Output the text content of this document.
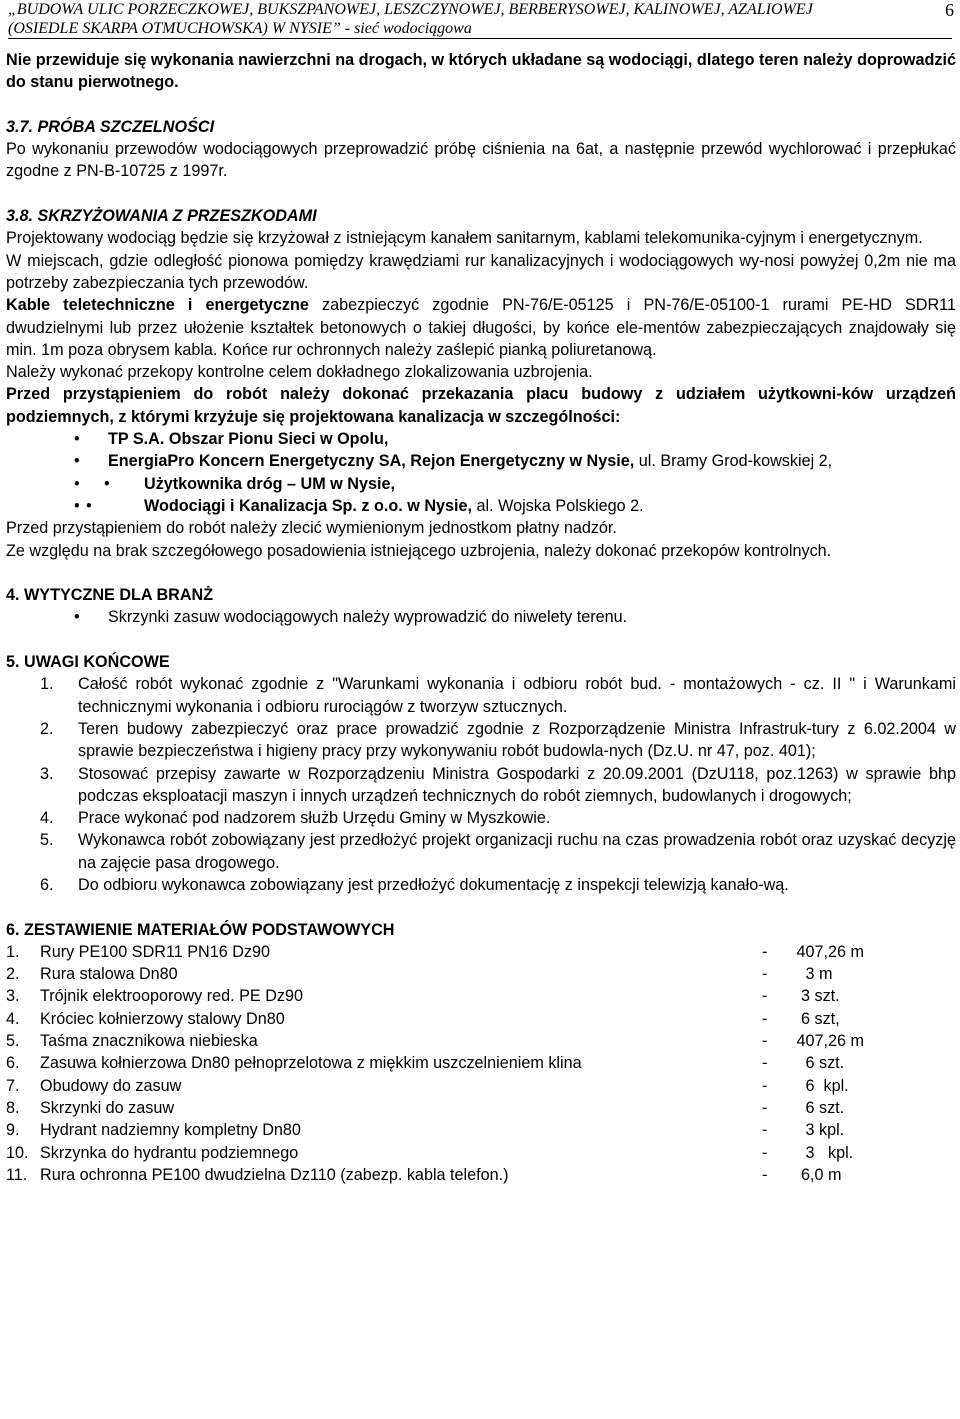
„BUDOWA ULIC PORZECZKOWEJ, BUKSZPANOWEJ, LESZCZYNOWEJ, BERBERYSOWEJ, KALINOWEJ, AZALIOWEJ
(OSIEDLE SKARPA OTMUCHOWSKA) W NYSIE” - sieć wodociągowa
6

Nie przewiduje się wykonania nawierzchni na drogach, w których układane są wodociągi, dlatego teren należy doprowadzić do stanu pierwotnego.

3.7. PRÓBA SZCZELNOŚCI

Po wykonaniu przewodów wodociągowych przeprowadzić próbę ciśnienia na 6at, a następnie przewód wychlorować i przepłukać zgodne z PN-B-10725 z 1997r.

3.8. SKRZYŻOWANIA Z PRZESZKODAMI

Projektowany wodociąg będzie się krzyżował z istniejącym kanałem sanitarnym, kablami telekomunika-cyjnym i energetycznym.

W miejscach, gdzie odległość pionowa pomiędzy krawędziami rur kanalizacyjnych i wodociągowych wy-nosi powyżej 0,2m nie ma potrzeby zabezpieczania tych przewodów.

Kable teletechniczne i energetyczne zabezpieczyć zgodnie PN-76/E-05125 i PN-76/E-05100-1 rurami PE-HD SDR11 dwudzielnymi lub przez ułożenie kształtek betonowych o takiej długości, by końce ele-mentów zabezpieczających znajdowały się min. 1m poza obrysem kabla. Końce rur ochronnych należy zaślepić pianką poliuretanową.

Należy wykonać przekopy kontrolne celem dokładnego zlokalizowania uzbrojenia.

Przed przystąpieniem do robót należy dokonać przekazania placu budowy z udziałem użytkowni-ków urządzeń podziemnych, z którymi krzyżuje się projektowana kanalizacja w szczególności:

• TP S.A. Obszar Pionu Sieci w Opolu,
• EnergiaPro Koncern Energetyczny SA, Rejon Energetyczny w Nysie, ul. Bramy Grod-kowskiej 2,
• • Użytkownika dróg – UM w Nysie,
• •	Wodociągi i Kanalizacja Sp. z o.o. w Nysie, al. Wojska Polskiego 2.

Przed przystąpieniem do robót należy zlecić wymienionym jednostkom płatny nadzór.

Ze względu na brak szczegółowego posadowienia istniejącego uzbrojenia, należy dokonać przekopów kontrolnych.

4. WYTYCZNE DLA BRANŻ

• Skrzynki zasuw wodociągowych należy wyprowadzić do niwelety terenu.

5. UWAGI KOŃCOWE

1. Całość robót wykonać zgodnie z "Warunkami wykonania i odbioru robót bud. - montażowych - cz. II " i Warunkami technicznymi wykonania i odbioru rurociągów z tworzyw sztucznych.
2. Teren budowy zabezpieczyć oraz prace prowadzić zgodnie z Rozporządzenie Ministra Infrastruk-tury z 6.02.2004 w sprawie bezpieczeństwa i higieny pracy przy wykonywaniu robót budowla-nych (Dz.U. nr 47, poz. 401);
3. Stosować przepisy zawarte w Rozporządzeniu Ministra Gospodarki z 20.09.2001 (DzU118, poz.1263) w sprawie bhp podczas eksploatacji maszyn i innych urządzeń technicznych do robót ziemnych, budowlanych i drogowych;
4. Prace wykonać pod nadzorem służb Urzędu Gminy w Myszkowie.
5. Wykonawca robót zobowiązany jest przedłożyć projekt organizacji ruchu na czas prowadzenia robót oraz uzyskać decyzję na zajęcie pasa drogowego.
6. Do odbioru wykonawca zobowiązany jest przedłożyć dokumentację z inspekcji telewizją kanało-wą.

6. ZESTAWIENIE MATERIAŁÓW PODSTAWOWYCH

1.	Rury PE100 SDR11 PN16 Dz90	-	407,26 m
2.	Rura stalowa Dn80	-	3 m
3.	Trójnik elektrooporowy red. PE Dz90	-	3 szt.
4.	Króciec kołnierzowy stalowy Dn80	-	6 szt,
5.	Taśma znacznikowa niebieska	-	407,26 m
6.	Zasuwa kołnierzowa Dn80 pełnoprzelotowa z miękkim uszczelnieniem klina	-	6 szt.
7.	Obudowy do zasuw	-	6  kpl.
8.	Skrzynki do zasuw	-	6 szt.
9.	Hydrant nadziemny kompletny Dn80	-	3 kpl.
10.	Skrzynka do hydrantu podziemnego	-	3   kpl.
11.	Rura ochronna PE100 dwudzielna Dz110 (zabezp. kabla telefon.)	-	6,0 m
